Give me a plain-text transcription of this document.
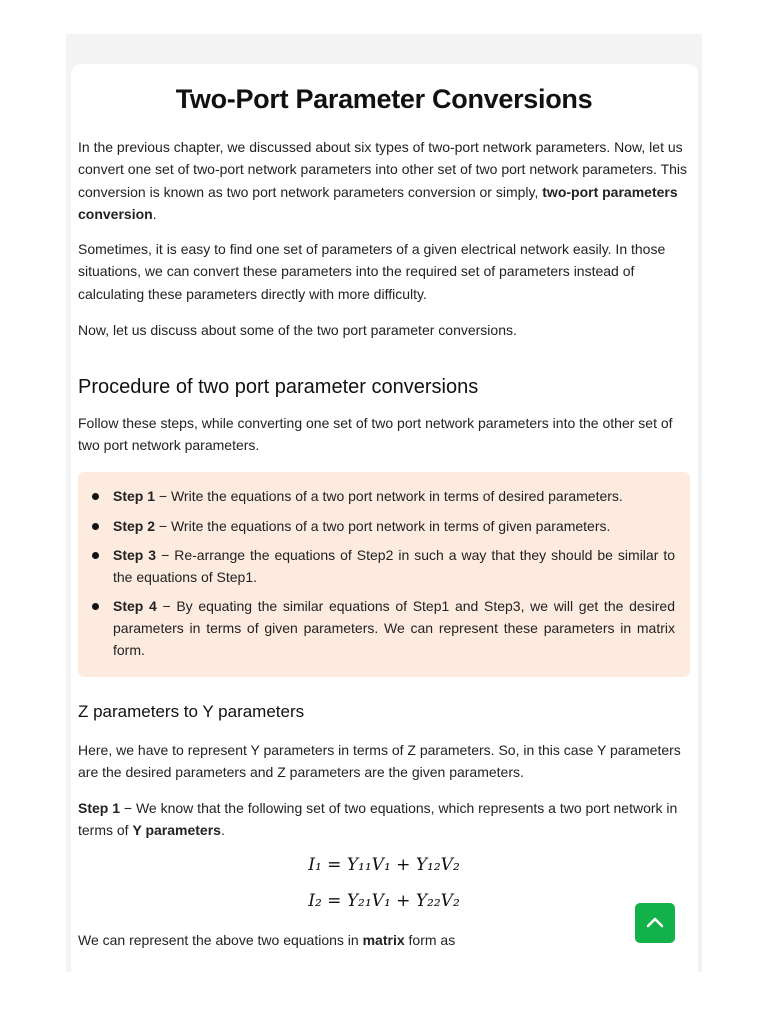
Two-Port Parameter Conversions

In the previous chapter, we discussed about six types of two-port network parameters. Now, let us convert one set of two-port network parameters into other set of two port network parameters. This conversion is known as two port network parameters conversion or simply, two-port parameters conversion.

Sometimes, it is easy to find one set of parameters of a given electrical network easily. In those situations, we can convert these parameters into the required set of parameters instead of calculating these parameters directly with more difficulty.

Now, let us discuss about some of the two port parameter conversions.

Procedure of two port parameter conversions

Follow these steps, while converting one set of two port network parameters into the other set of two port network parameters.

Step 1 − Write the equations of a two port network in terms of desired parameters.
Step 2 − Write the equations of a two port network in terms of given parameters.
Step 3 − Re-arrange the equations of Step2 in such a way that they should be similar to the equations of Step1.
Step 4 − By equating the similar equations of Step1 and Step3, we will get the desired parameters in terms of given parameters. We can represent these parameters in matrix form.
Z parameters to Y parameters

Here, we have to represent Y parameters in terms of Z parameters. So, in this case Y parameters are the desired parameters and Z parameters are the given parameters.

Step 1 − We know that the following set of two equations, which represents a two port network in terms of Y parameters.

I₁ = Y₁₁V₁ + Y₁₂V₂
I₂ = Y₂₁V₁ + Y₂₂V₂

We can represent the above two equations in matrix form as
